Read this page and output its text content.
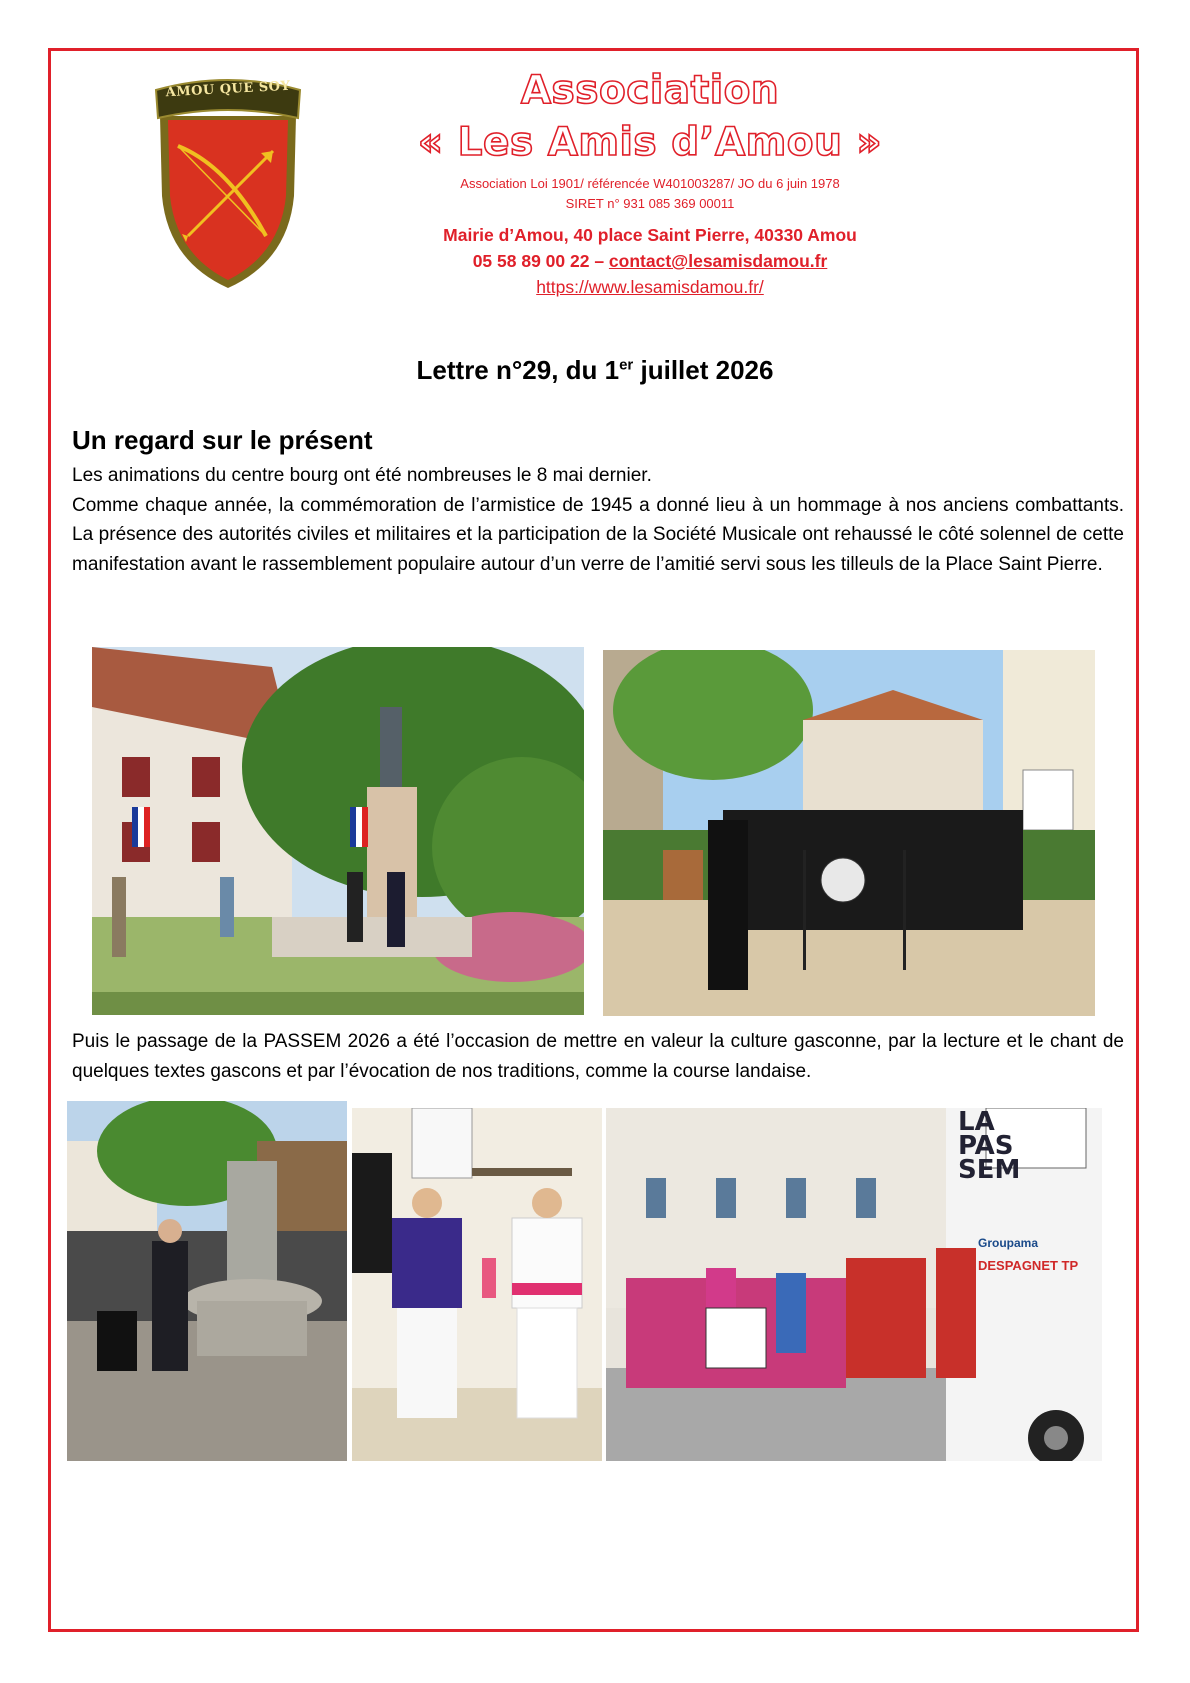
AMOU QUE SOY	Association
« Les Amis d’Amou »
Association Loi 1901/ référencée W401003287/ JO du 6 juin 1978
SIRET n° 931 085 369 00011
Mairie d’Amou, 40 place Saint Pierre, 40330 Amou
05 58 89 00 22 – contact@lesamisdamou.fr
https://www.lesamisdamou.fr/
Lettre n°29, du 1er juillet 2026
Un regard sur le présent
Les animations du centre bourg ont été nombreuses le 8 mai dernier.
Comme chaque année, la commémoration de l’armistice de 1945 a donné lieu à un hommage à nos anciens combattants. La présence des autorités civiles et militaires et la participation de la Société Musicale ont rehaussé le côté solennel de cette manifestation avant le rassemblement populaire autour d’un verre de l’amitié servi sous les tilleuls de la Place Saint Pierre.
Puis le passage de la PASSEM 2026 a été l’occasion de mettre en valeur la culture gasconne, par la lecture et le chant de quelques textes gascons et par l’évocation de nos traditions, comme la course landaise.
LA
PAS
SEM
Groupama
DESPAGNET TP
